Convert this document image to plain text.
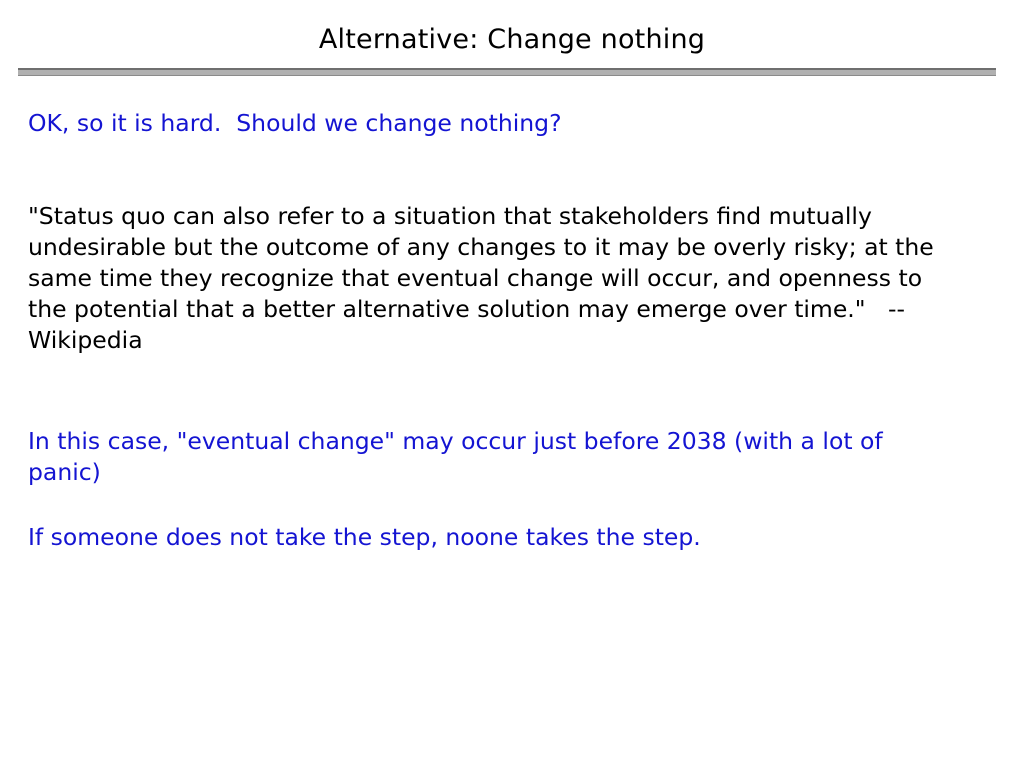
Alternative: Change nothing
OK, so it is hard.  Should we change nothing?
"Status quo can also refer to a situation that stakeholders find mutually undesirable but the outcome of any changes to it may be overly risky; at the same time they recognize that eventual change will occur, and openness to the potential that a better alternative solution may emerge over time."   -- Wikipedia
In this case, "eventual change" may occur just before 2038 (with a lot of panic)
If someone does not take the step, noone takes the step.
